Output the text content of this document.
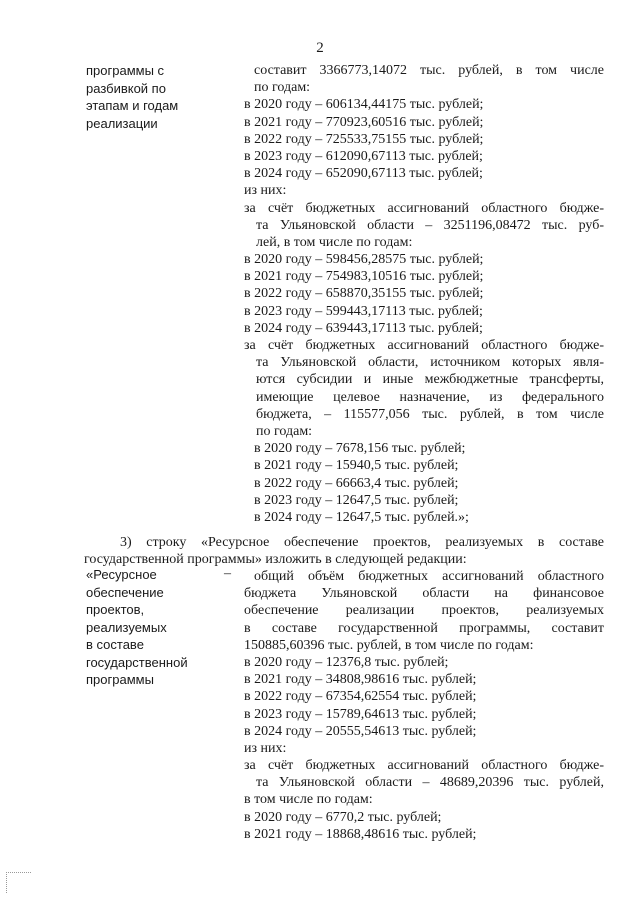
2
программы с
разбивкой по
этапам и годам
реализации
составит 3366773,14072 тыс. рублей, в том числе
по годам:
в 2020 году – 606134,44175 тыс. рублей;
в 2021 году – 770923,60516 тыс. рублей;
в 2022 году – 725533,75155 тыс. рублей;
в 2023 году – 612090,67113 тыс. рублей;
в 2024 году – 652090,67113 тыс. рублей;
из них:
за счёт бюджетных ассигнований областного бюдже-
та Ульяновской области – 3251196,08472 тыс. руб-
лей, в том числе по годам:
в 2020 году – 598456,28575 тыс. рублей;
в 2021 году – 754983,10516 тыс. рублей;
в 2022 году – 658870,35155 тыс. рублей;
в 2023 году – 599443,17113 тыс. рублей;
в 2024 году – 639443,17113 тыс. рублей;
за счёт бюджетных ассигнований областного бюдже-
та Ульяновской области, источником которых явля-
ются субсидии и иные межбюджетные трансферты,
имеющие целевое назначение, из федерального
бюджета, – 115577,056 тыс. рублей, в том числе
по годам:
в 2020 году – 7678,156 тыс. рублей;
в 2021 году – 15940,5 тыс. рублей;
в 2022 году – 66663,4 тыс. рублей;
в 2023 году – 12647,5 тыс. рублей;
в 2024 году – 12647,5 тыс. рублей.»;
3) строку «Ресурсное обеспечение проектов, реализуемых в составе
государственной программы» изложить в следующей редакции:
«Ресурсное
обеспечение
проектов,
реализуемых
в составе
государственной
программы
–	общий объём бюджетных ассигнований областного
бюджета Ульяновской области на финансовое
обеспечение реализации проектов, реализуемых
в составе государственной программы, составит
150885,60396 тыс. рублей, в том числе по годам:
в 2020 году – 12376,8 тыс. рублей;
в 2021 году – 34808,98616 тыс. рублей;
в 2022 году – 67354,62554 тыс. рублей;
в 2023 году – 15789,64613 тыс. рублей;
в 2024 году – 20555,54613 тыс. рублей;
из них:
за счёт бюджетных ассигнований областного бюдже-
та Ульяновской области – 48689,20396 тыс. рублей,
в том числе по годам:
в 2020 году – 6770,2 тыс. рублей;
в 2021 году – 18868,48616 тыс. рублей;
